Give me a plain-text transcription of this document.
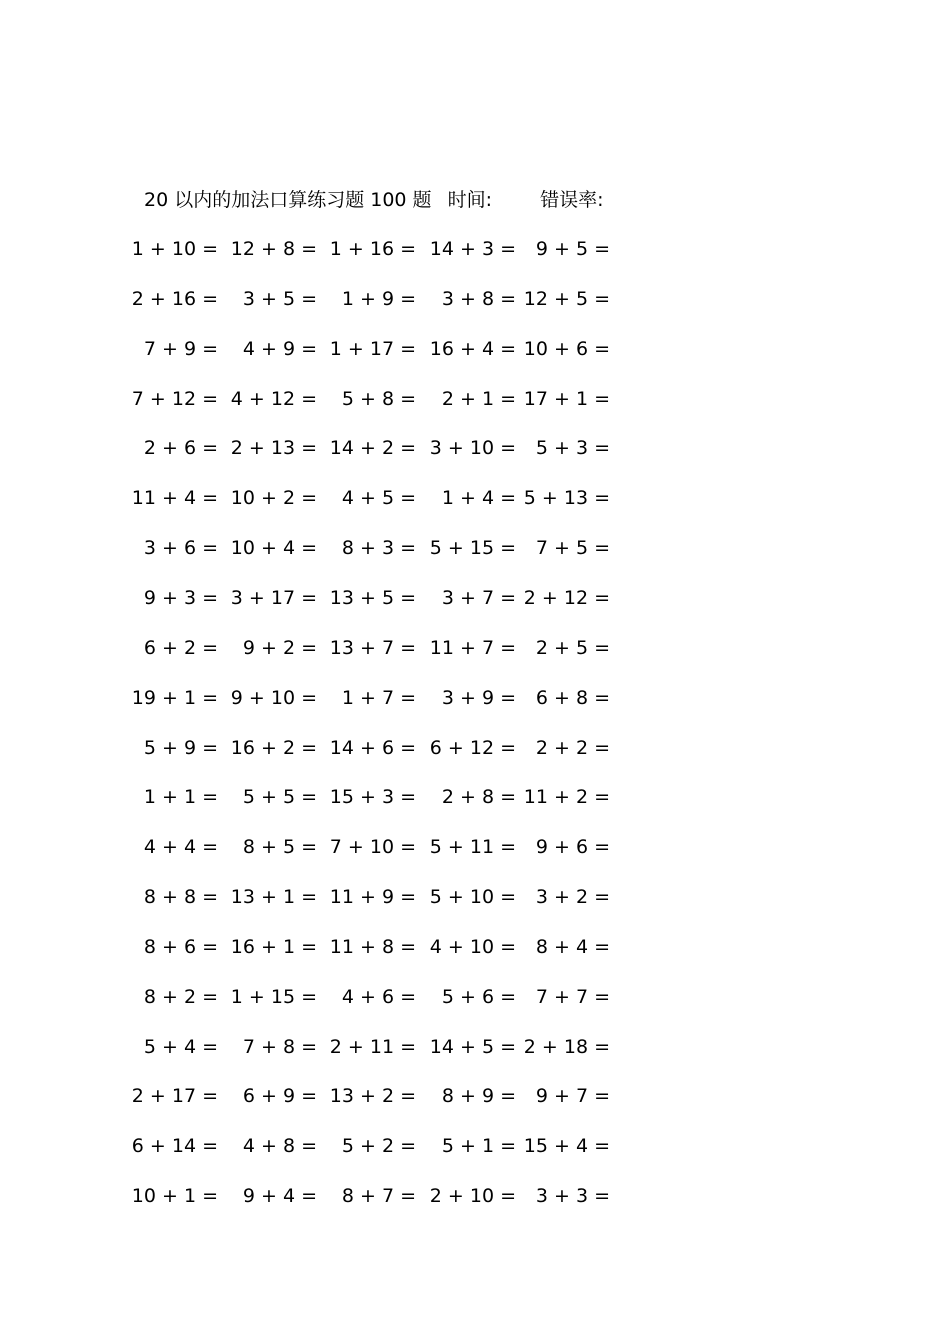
20 以内的加法口算练习题 100 题 时间:	错误率:
1 + 10 = 12 + 8 = 1 + 16 = 14 + 3 = 9 + 5 =
2 + 16 = 3 + 5 = 1 + 9 = 3 + 8 = 12 + 5 =
7 + 9 = 4 + 9 = 1 + 17 = 16 + 4 = 10 + 6 =
7 + 12 = 4 + 12 = 5 + 8 = 2 + 1 = 17 + 1 =
2 + 6 = 2 + 13 = 14 + 2 = 3 + 10 = 5 + 3 =
11 + 4 = 10 + 2 = 4 + 5 = 1 + 4 = 5 + 13 =
3 + 6 = 10 + 4 = 8 + 3 = 5 + 15 = 7 + 5 =
9 + 3 = 3 + 17 = 13 + 5 = 3 + 7 = 2 + 12 =
6 + 2 = 9 + 2 = 13 + 7 = 11 + 7 = 2 + 5 =
19 + 1 = 9 + 10 = 1 + 7 = 3 + 9 = 6 + 8 =
5 + 9 = 16 + 2 = 14 + 6 = 6 + 12 = 2 + 2 =
1 + 1 = 5 + 5 = 15 + 3 = 2 + 8 = 11 + 2 =
4 + 4 = 8 + 5 = 7 + 10 = 5 + 11 = 9 + 6 =
8 + 8 = 13 + 1 = 11 + 9 = 5 + 10 = 3 + 2 =
8 + 6 = 16 + 1 = 11 + 8 = 4 + 10 = 8 + 4 =
8 + 2 = 1 + 15 = 4 + 6 = 5 + 6 = 7 + 7 =
5 + 4 = 7 + 8 = 2 + 11 = 14 + 5 = 2 + 18 =
2 + 17 = 6 + 9 = 13 + 2 = 8 + 9 = 9 + 7 =
6 + 14 = 4 + 8 = 5 + 2 = 5 + 1 = 15 + 4 =
10 + 1 = 9 + 4 = 8 + 7 = 2 + 10 = 3 + 3 =
